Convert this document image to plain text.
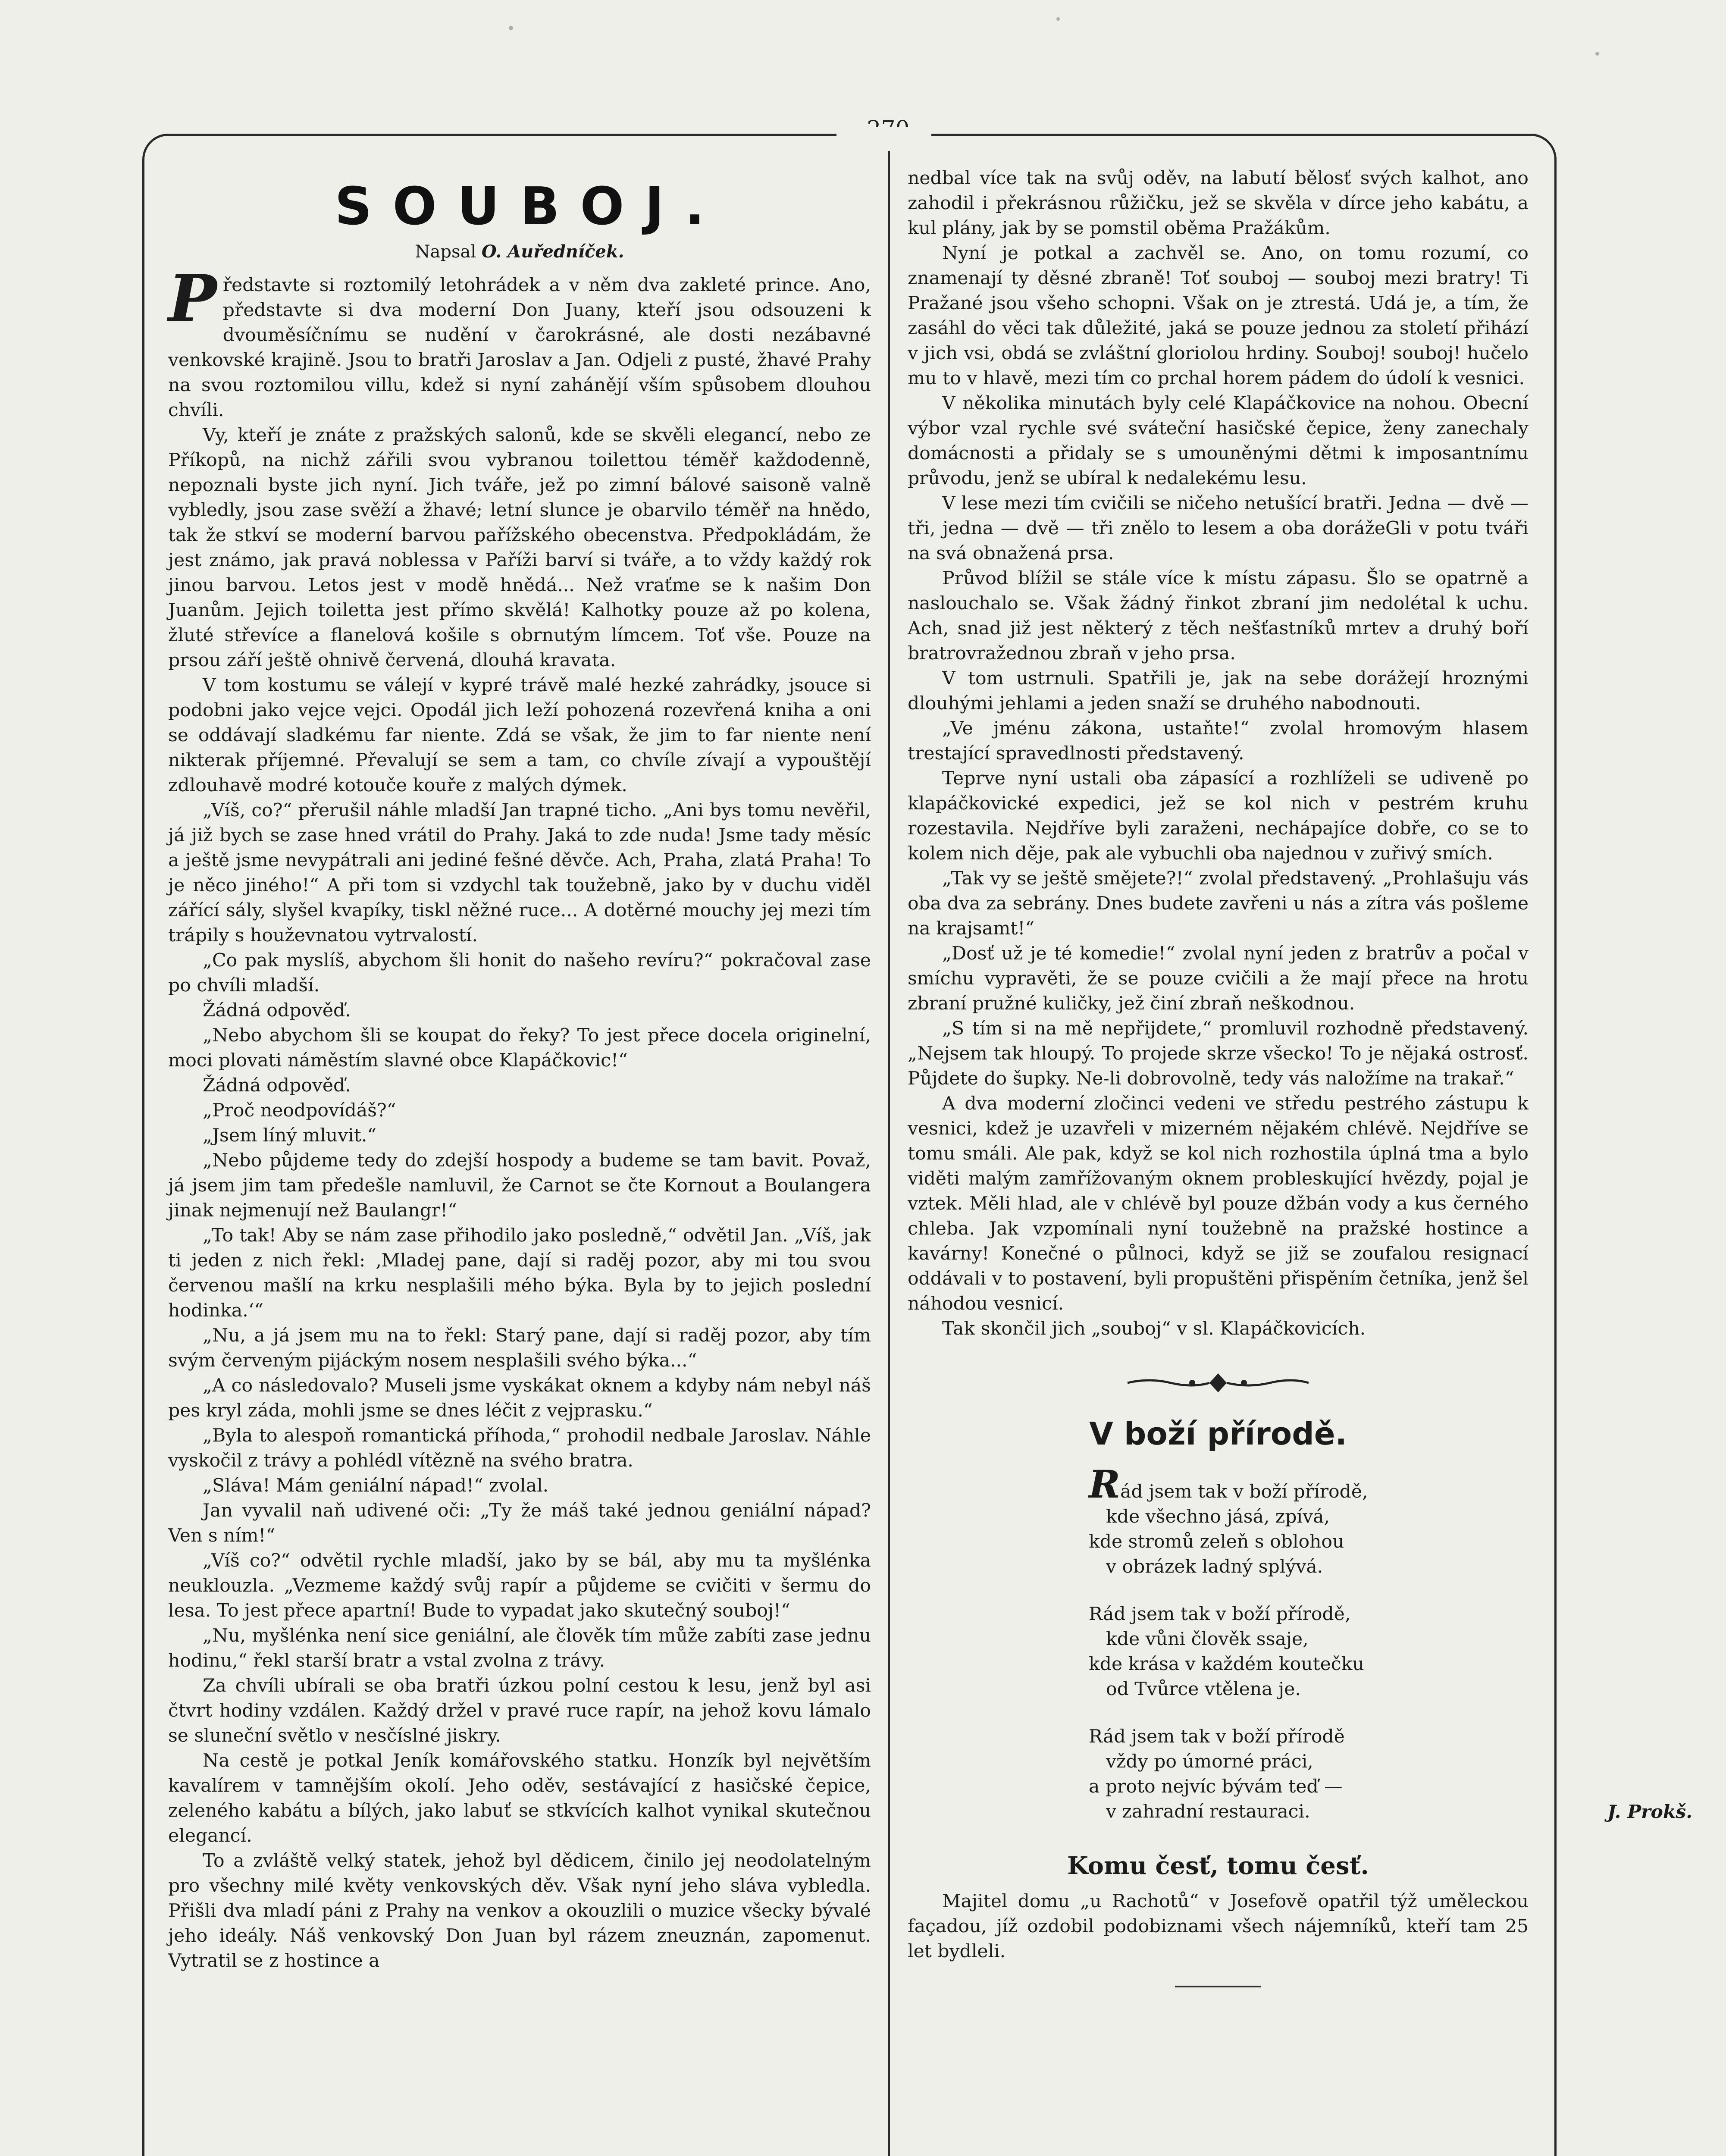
SOUBOJ.
Napsal O. Auředníček.

Představte si roztomilý letohrádek a v něm dva zakleté prince. Ano, představte si dva moderní Don Juany, kteří jsou odsouzeni k dvouměsíčnímu se nudění v čarokrásné, ale dosti nezábavné venkovské krajině. Jsou to bratři Jaroslav a Jan. Odjeli z pusté, žhavé Prahy na svou roztomilou villu, kdež si nyní zahánějí vším spůsobem dlouhou chvíli.

Vy, kteří je znáte z pražských salonů, kde se skvěli elegancí, nebo ze Příkopů, na nichž zářili svou vybranou toilettou téměř každodenně, nepoznali byste jich nyní. Jich tváře, jež po zimní bálové saisoně valně vybledly, jsou zase svěží a žhavé; letní slunce je obarvilo téměř na hnědo, tak že stkví se moderní barvou pařížského obecenstva. Předpokládám, že jest známo, jak pravá noblessa v Paříži barví si tváře, a to vždy každý rok jinou barvou. Letos jest v modě hnědá... Než vraťme se k našim Don Juanům. Jejich toiletta jest přímo skvělá! Kalhotky pouze až po kolena, žluté střevíce a flanelová košile s obrnutým límcem. Toť vše. Pouze na prsou září ještě ohnivě červená, dlouhá kravata.

V tom kostumu se válejí v kypré trávě malé hezké zahrádky, jsouce si podobni jako vejce vejci. Opodál jich leží pohozená rozevřená kniha a oni se oddávají sladkému far niente. Zdá se však, že jim to far niente není nikterak příjemné. Převalují se sem a tam, co chvíle zívají a vypouštějí zdlouhavě modré kotouče kouře z malých dýmek.

„Víš, co?“ přerušil náhle mladší Jan trapné ticho. „Ani bys tomu nevěřil, já již bych se zase hned vrátil do Prahy. Jaká to zde nuda! Jsme tady měsíc a ještě jsme nevypátrali ani jediné fešné děvče. Ach, Praha, zlatá Praha! To je něco jiného!“ A při tom si vzdychl tak toužebně, jako by v duchu viděl zářící sály, slyšel kvapíky, tiskl něžné ruce... A dotěrné mouchy jej mezi tím trápily s houževnatou vytrvalostí.

„Co pak myslíš, abychom šli honit do našeho revíru?“ pokračoval zase po chvíli mladší.

Žádná odpověď.

„Nebo abychom šli se koupat do řeky? To jest přece docela originelní, moci plovati náměstím slavné obce Klapáčkovic!“

Žádná odpověď.

„Proč neodpovídáš?“

„Jsem líný mluvit.“

„Nebo půjdeme tedy do zdejší hospody a budeme se tam bavit. Považ, já jsem jim tam předešle namluvil, že Carnot se čte Kornout a Boulangera jinak nejmenují než Baulangr!“

„To tak! Aby se nám zase přihodilo jako posledně,“ odvětil Jan. „Víš, jak ti jeden z nich řekl: ‚Mladej pane, dají si raděj pozor, aby mi tou svou červenou mašlí na krku nesplašili mého býka. Byla by to jejich poslední hodinka.‘“

„Nu, a já jsem mu na to řekl: Starý pane, dají si raděj pozor, aby tím svým červeným pijáckým nosem nesplašili svého býka...“

„A co následovalo? Museli jsme vyskákat oknem a kdyby nám nebyl náš pes kryl záda, mohli jsme se dnes léčit z vejprasku.“

„Byla to alespoň romantická příhoda,“ prohodil nedbale Jaroslav. Náhle vyskočil z trávy a pohlédl vítězně na svého bratra.

„Sláva! Mám geniální nápad!“ zvolal.

Jan vyvalil naň udivené oči: „Ty že máš také jednou geniální nápad? Ven s ním!“

„Víš co?“ odvětil rychle mladší, jako by se bál, aby mu ta myšlénka neuklouzla. „Vezmeme každý svůj rapír a půjdeme se cvičiti v šermu do lesa. To jest přece apartní! Bude to vypadat jako skutečný souboj!“

„Nu, myšlénka není sice geniální, ale člověk tím může zabíti zase jednu hodinu,“ řekl starší bratr a vstal zvolna z trávy.

Za chvíli ubírali se oba bratři úzkou polní cestou k lesu, jenž byl asi čtvrt hodiny vzdálen. Každý držel v pravé ruce rapír, na jehož kovu lámalo se sluneční světlo v nesčíslné jiskry.

Na cestě je potkal Jeník komářovského statku. Honzík byl největším kavalírem v tamnějším okolí. Jeho oděv, sestávající z hasičské čepice, zeleného kabátu a bílých, jako labuť se stkvících kalhot vynikal skutečnou elegancí.

To a zvláště velký statek, jehož byl dědicem, činilo jej neodolatelným pro všechny milé květy venkovských děv. Však nyní jeho sláva vybledla. Přišli dva mladí páni z Prahy na venkov a okouzlili o muzice všecky bývalé jeho ideály. Náš venkovský Don Juan byl rázem zneuznán, zapomenut. Vytratil se z hostince a

nedbal více tak na svůj oděv, na labutí bělosť svých kalhot, ano zahodil i překrásnou růžičku, jež se skvěla v dírce jeho kabátu, a kul plány, jak by se pomstil oběma Pražákům.

Nyní je potkal a zachvěl se. Ano, on tomu rozumí, co znamenají ty děsné zbraně! Toť souboj — souboj mezi bratry! Ti Pražané jsou všeho schopni. Však on je ztrestá. Udá je, a tím, že zasáhl do věci tak důležité, jaká se pouze jednou za století přihází v jich vsi, obdá se zvláštní gloriolou hrdiny. Souboj! souboj! hučelo mu to v hlavě, mezi tím co prchal horem pádem do údolí k vesnici.

V několika minutách byly celé Klapáčkovice na nohou. Obecní výbor vzal rychle své sváteční hasičské čepice, ženy zanechaly domácnosti a přidaly se s umouněnými dětmi k imposantnímu průvodu, jenž se ubíral k nedalekému lesu.

V lese mezi tím cvičili se ničeho netušící bratři. Jedna — dvě — tři, jedna — dvě — tři znělo to lesem a oba dorážeGli v potu tváři na svá obnažená prsa.

Průvod blížil se stále více k místu zápasu. Šlo se opatrně a naslouchalo se. Však žádný řinkot zbraní jim nedolétal k uchu. Ach, snad již jest některý z těch nešťastníků mrtev a druhý boří bratrovražednou zbraň v jeho prsa.

V tom ustrnuli. Spatřili je, jak na sebe dorážejí hroznými dlouhými jehlami a jeden snaží se druhého nabodnouti.

„Ve jménu zákona, ustaňte!“ zvolal hromovým hlasem trestající spravedlnosti představený.

Teprve nyní ustali oba zápasící a rozhlíželi se udiveně po klapáčkovické expedici, jež se kol nich v pestrém kruhu rozestavila. Nejdříve byli zaraženi, nechápajíce dobře, co se to kolem nich děje, pak ale vybuchli oba najednou v zuřivý smích.

„Tak vy se ještě smějete?!“ zvolal představený. „Prohlašuju vás oba dva za sebrány. Dnes budete zavřeni u nás a zítra vás pošleme na krajsamt!“

„Dosť už je té komedie!“ zvolal nyní jeden z bratrův a počal v smíchu vypravěti, že se pouze cvičili a že mají přece na hrotu zbraní pružné kuličky, jež činí zbraň neškodnou.

„S tím si na mě nepřijdete,“ promluvil rozhodně představený. „Nejsem tak hloupý. To projede skrze všecko! To je nějaká ostrosť. Půjdete do šupky. Ne-li dobrovolně, tedy vás naložíme na trakař.“

A dva moderní zločinci vedeni ve středu pestrého zástupu k vesnici, kdež je uzavřeli v mizerném nějakém chlévě. Nejdříve se tomu smáli. Ale pak, když se kol nich rozhostila úplná tma a bylo viděti malým zamřížovaným oknem probleskující hvězdy, pojal je vztek. Měli hlad, ale v chlévě byl pouze džbán vody a kus černého chleba. Jak vzpomínali nyní toužebně na pražské hostince a kavárny! Konečné o půlnoci, když se již se zoufalou resignací oddávali v to postavení, byli propuštěni přispěním četníka, jenž šel náhodou vesnicí.

Tak skončil jich „souboj“ v sl. Klapáčkovicích.

V boží přírodě.
Rád jsem tak v boží přírodě,
kde všechno jásá, zpívá,
kde stromů zeleň s oblohou
v obrázek ladný splývá.
Rád jsem tak v boží přírodě,
kde vůni člověk ssaje,
kde krása v každém koutečku
od Tvůrce vtělena je.
Rád jsem tak v boží přírodě
vždy po úmorné práci,
a proto nejvíc bývám teď —
v zahradní restauraci.	J. Prokš.
Komu česť, tomu česť.

Majitel domu „u Rachotů“ v Josefově opatřil týž uměleckou façadou, jíž ozdobil podobiznami všech nájemníků, kteří tam 25 let bydleli.
